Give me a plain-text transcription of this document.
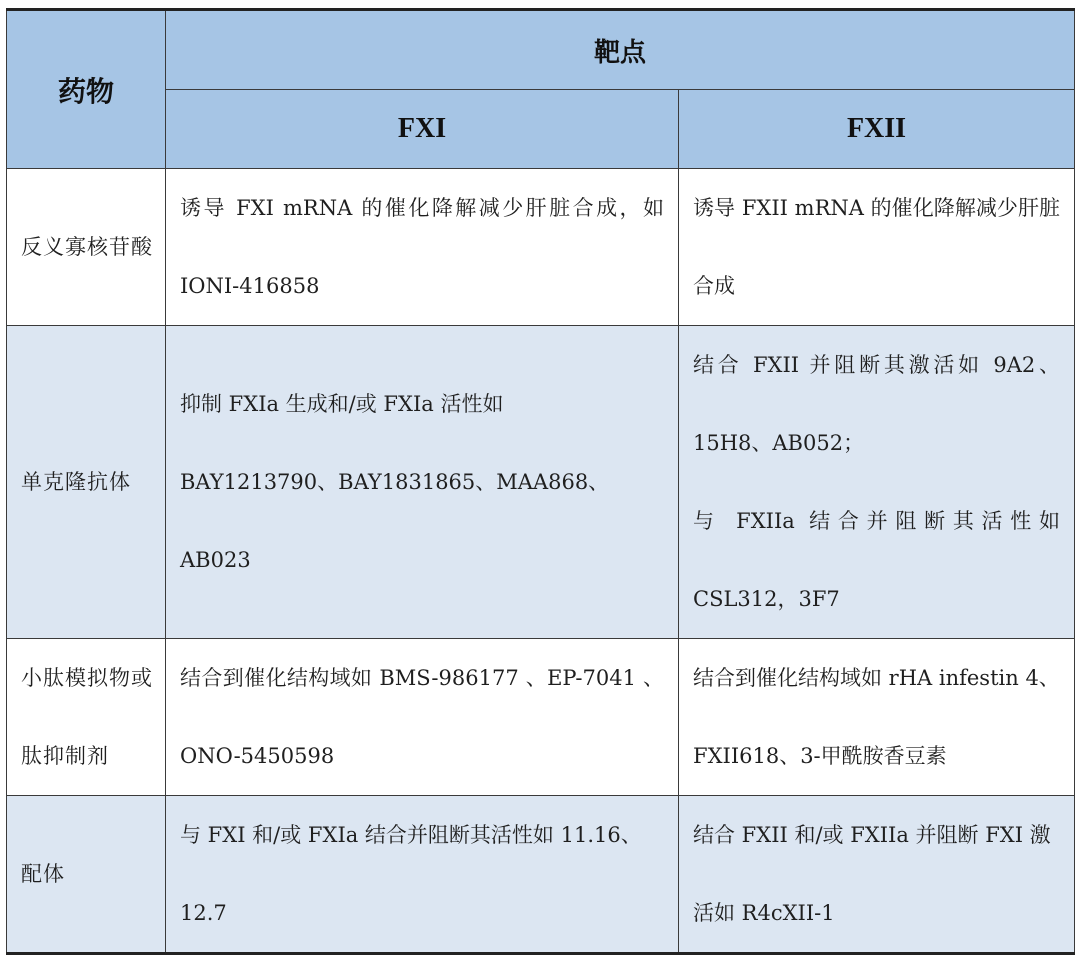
药物	靶点	
	FXI	FXII
反义寡核苷酸	诱导 FXI mRNA 的催化降解减少肝脏合成，如 IONI-416858	诱导 FXII mRNA 的催化降解减少肝脏合成
单克隆抗体	抑制 FXIa 生成和/或 FXIa 活性如 BAY1213790、BAY1831865、MAA868、AB023	结合 FXII 并阻断其激活如 9A2、15H8、AB052；
与 FXIIa 结合并阻断其活性如 CSL312，3F7

小肽模拟物或肽抑制剂	结合到催化结构域如 BMS-986177 、EP-7041 、ONO-5450598	结合到催化结构域如 rHA infestin 4、FXII618、3-甲酰胺香豆素
配体	与 FXI 和/或 FXIa 结合并阻断其活性如 11.16、12.7	结合 FXII 和/或 FXIIa 并阻断 FXI 激活如 R4cXII-1
